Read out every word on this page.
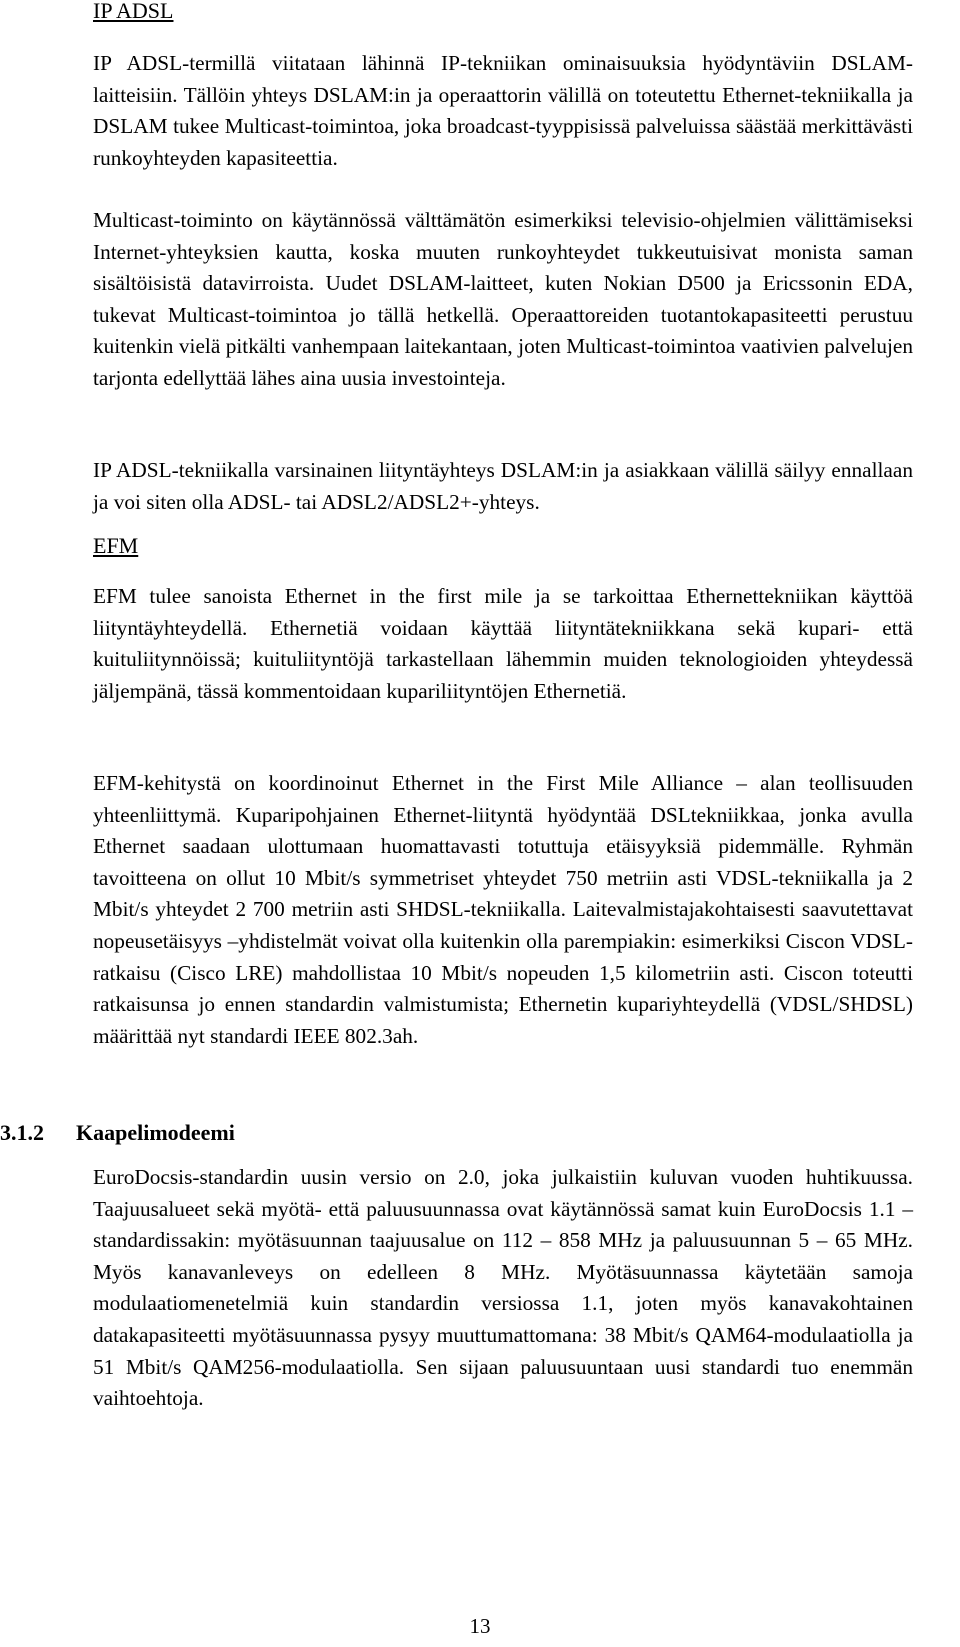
IP ADSL

IP ADSL-termillä viitataan lähinnä IP-tekniikan ominaisuuksia hyödyntäviin DSLAM-laitteisiin. Tällöin yhteys DSLAM:in ja operaattorin välillä on toteutettu Ethernet-tekniikalla ja DSLAM tukee Multicast-toimintoa, joka broadcast-tyyppisissä palveluissa säästää merkittävästi runkoyhteyden kapasiteettia.

Multicast-toiminto on käytännössä välttämätön esimerkiksi televisio-ohjelmien välittämiseksi Internet-yhteyksien kautta, koska muuten runkoyhteydet tukkeutuisivat monista saman sisältöisistä datavirroista. Uudet DSLAM-laitteet, kuten Nokian D500 ja Ericssonin EDA, tukevat Multicast-toimintoa jo tällä hetkellä. Operaattoreiden tuotantokapasiteetti perustuu kuitenkin vielä pitkälti vanhempaan laitekantaan, joten Multicast-toimintoa vaativien palvelujen tarjonta edellyttää lähes aina uusia investointeja.

IP ADSL-tekniikalla varsinainen liityntäyhteys DSLAM:in ja asiakkaan välillä säilyy ennallaan ja voi siten olla ADSL- tai ADSL2/ADSL2+-yhteys.

EFM

EFM tulee sanoista Ethernet in the first mile ja se tarkoittaa Ethernettekniikan käyttöä liityntäyhteydellä. Ethernetiä voidaan käyttää liityntätekniikkana sekä kupari- että kuituliitynnöissä; kuituliityntöjä tarkastellaan lähemmin muiden teknologioiden yhteydessä jäljempänä, tässä kommentoidaan kupariliityntöjen Ethernetiä.

EFM-kehitystä on koordinoinut Ethernet in the First Mile Alliance – alan teollisuuden yhteenliittymä. Kuparipohjainen Ethernet-liityntä hyödyntää DSLtekniikkaa, jonka avulla Ethernet saadaan ulottumaan huomattavasti totuttuja etäisyyksiä pidemmälle. Ryhmän tavoitteena on ollut 10 Mbit/s symmetriset yhteydet 750 metriin asti VDSL-tekniikalla ja 2 Mbit/s yhteydet 2 700 metriin asti SHDSL-tekniikalla. Laitevalmistajakohtaisesti saavutettavat nopeusetäisyys –yhdistelmät voivat olla kuitenkin olla parempiakin: esimerkiksi Ciscon VDSL-ratkaisu (Cisco LRE) mahdollistaa 10 Mbit/s nopeuden 1,5 kilometriin asti. Ciscon toteutti ratkaisunsa jo ennen standardin valmistumista; Ethernetin kupariyhteydellä (VDSL/SHDSL) määrittää nyt standardi IEEE 802.3ah.

3.1.2 Kaapelimodeemi

EuroDocsis-standardin uusin versio on 2.0, joka julkaistiin kuluvan vuoden huhtikuussa. Taajuusalueet sekä myötä- että paluusuunnassa ovat käytännössä samat kuin EuroDocsis 1.1 –standardissakin: myötäsuunnan taajuusalue on 112 – 858 MHz ja paluusuunnan 5 – 65 MHz. Myös kanavanleveys on edelleen 8 MHz. Myötäsuunnassa käytetään samoja modulaatiomenetelmiä kuin standardin versiossa 1.1, joten myös kanavakohtainen datakapasiteetti myötäsuunnassa pysyy muuttumattomana: 38 Mbit/s QAM64-modulaatiolla ja 51 Mbit/s QAM256-modulaatiolla. Sen sijaan paluusuuntaan uusi standardi tuo enemmän vaihtoehtoja.

13
